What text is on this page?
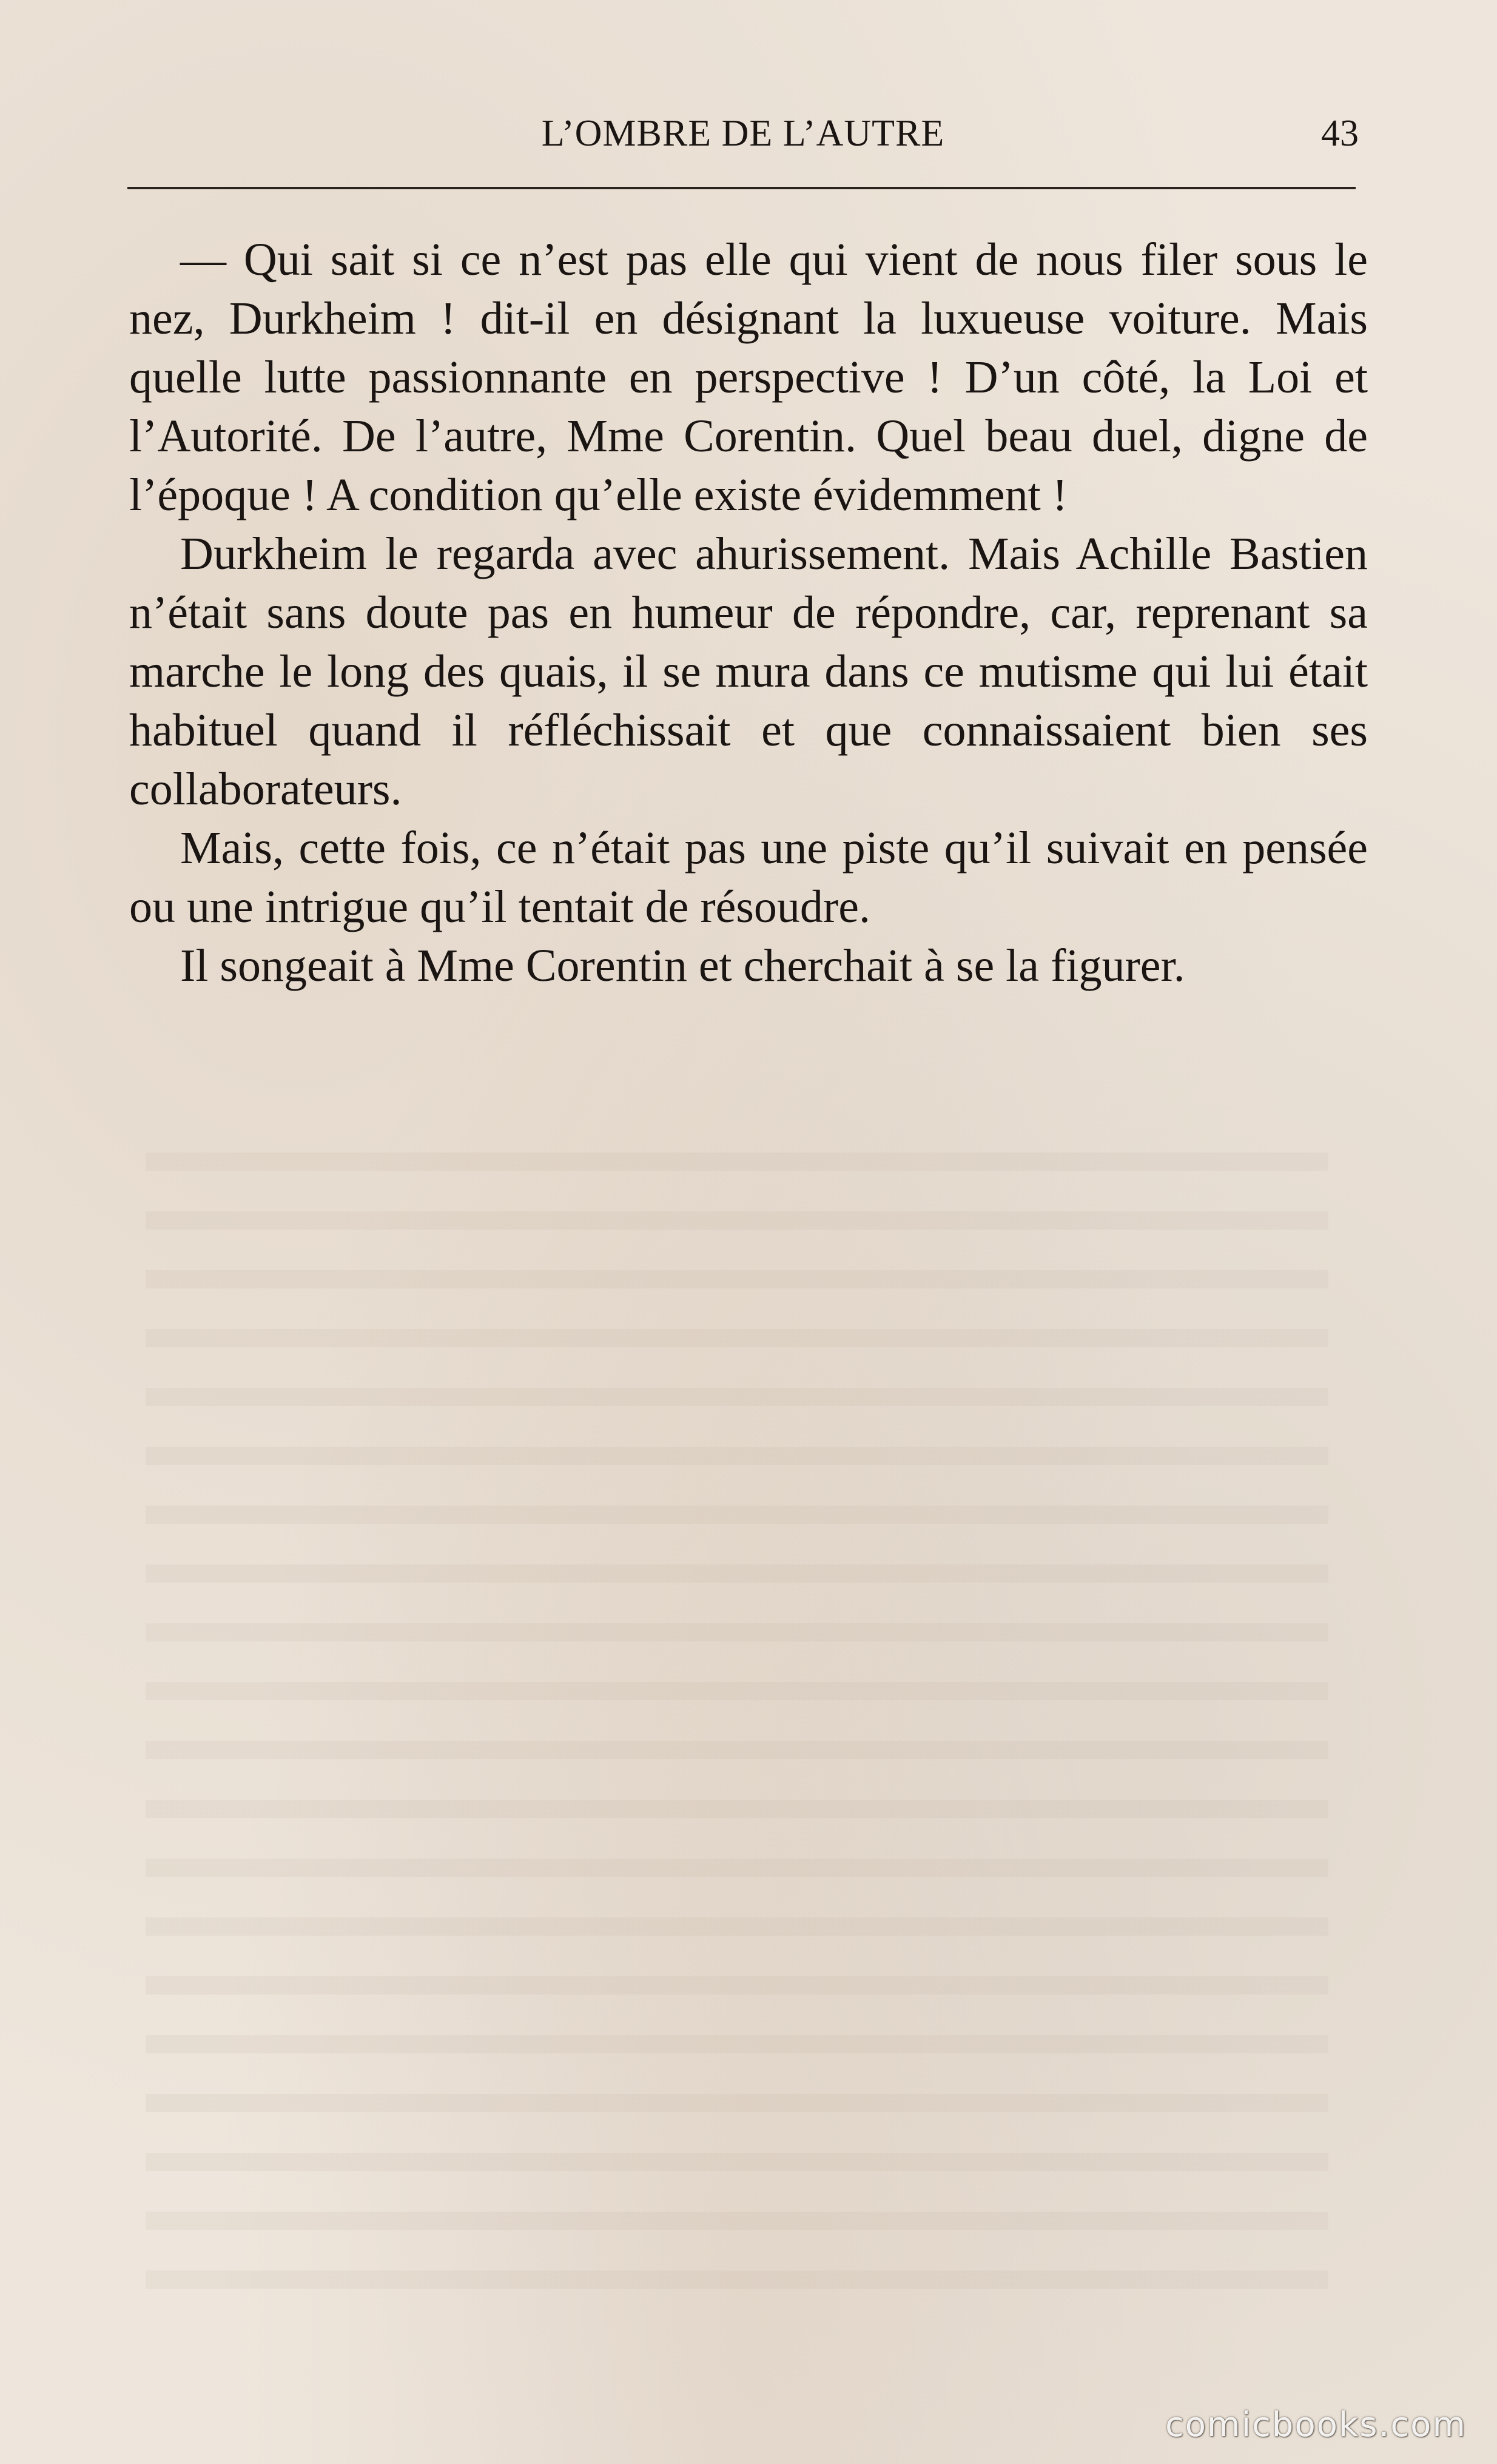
L’OMBRE DE L’AUTRE	43

— Qui sait si ce n’est pas elle qui vient de nous filer sous le nez, Durkheim ! dit-il en désignant la luxueuse voiture. Mais quelle lutte passionnante en perspective ! D’un côté, la Loi et l’Autorité. De l’autre, Mme Corentin. Quel beau duel, digne de l’époque ! A condition qu’elle existe évidemment !

Durkheim le regarda avec ahurissement. Mais Achille Bastien n’était sans doute pas en humeur de répondre, car, reprenant sa marche le long des quais, il se mura dans ce mutisme qui lui était habituel quand il réfléchissait et que connaissaient bien ses collaborateurs.

Mais, cette fois, ce n’était pas une piste qu’il suivait en pensée ou une intrigue qu’il tentait de résoudre.

Il songeait à Mme Corentin et cherchait à se la figurer.

comicbooks.com
